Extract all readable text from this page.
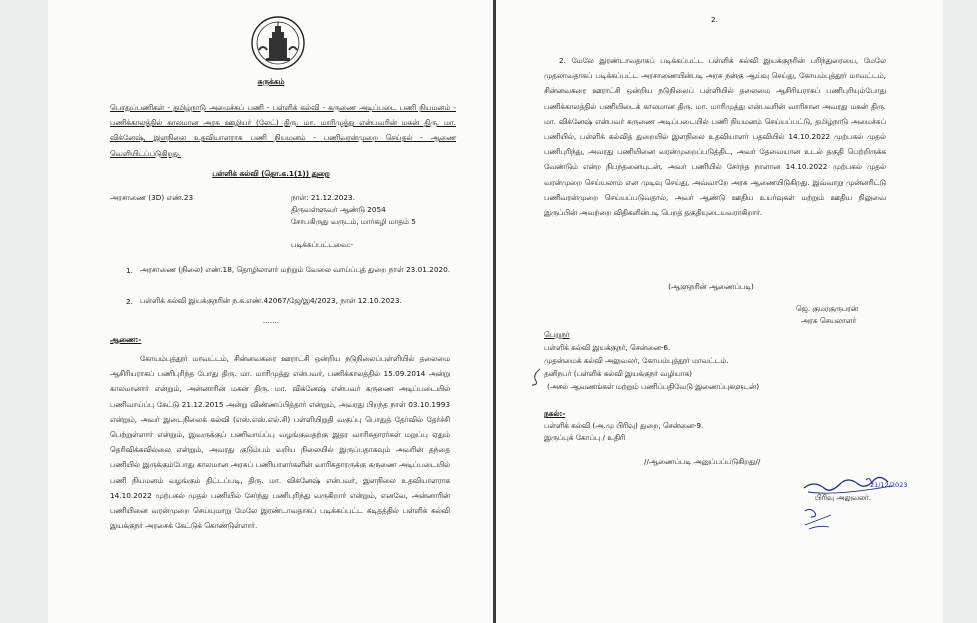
சுருக்கம்
பொதுப்பணிகள் - தமிழ்நாடு அமைச்சுப் பணி - பள்ளிக் கல்வி - கருணை அடிப்படை பணி நியமனம் - பணிக்காலத்தில் காலமான அரசு ஊழியர் (லேட்) திரு. மா. மாரிமுத்து என்பவரின் மகன் திரு. மா. விக்னேஷ், இளநிலை உதவியாளராக பணி நியமனம் - பணிவரன்முறை செய்தல் - ஆணை வெளியிடப்படுகிறது.
பள்ளிக் கல்வி (தொ.க.1(1)) துறை
அரசாணை (3D) எண்.23	நாள்: 21.12.2023.
திருவள்ளுவர் ஆண்டு 2054
சோபகிருது வருடம், மார்கழி மாதம் 5
படிக்கப்பட்டவை:-
1. அரசாணை (நிலை) எண்.18, தொழிலாளர் மற்றும் வேலை வாய்ப்புத் துறை நாள் 23.01.2020.
2. பள்ளிக் கல்வி இயக்குநரின் ந.க.எண்.42067/ஜே/இ4/2023, நாள் 12.10.2023.
.......
ஆணை:-
கோயம்புத்தூர் மாவட்டம், சின்னவகரை ஊராட்சி ஒன்றிய நடுநிலைப்பள்ளியில் தலைமை ஆசிரியராகப் பணிபுரிந்த போது திரு. மா. மாரிமுத்து என்பவர், பணிக்காலத்தில் 15.09.2014 அன்று காலமானார் என்றும், அன்னாரின் மகன் திரு. மா. விக்னேஷ் என்பவர் கருணை அடிப்படையில் பணிவாய்ப்பு கேட்டு 21.12.2015 அன்று விண்ணப்பித்தார் என்றும், அவரது பிறந்த நாள் 03.10.1993 என்றும், அவர் இடைநிலைக் கல்வி (எஸ்.எஸ்.எல்.சி) பள்ளியிறுதி வகுப்பு பொதுத் தேர்வில் தேர்ச்சி பெற்றுள்ளார் என்றும், இவருக்குப் பணிவாய்ப்பு வழங்குவதற்கு இதர வாரிசுதாரர்கள் மறுப்பு ஏதும் தெரிவிக்கவில்லை என்றும், அவரது குடும்பம் வறிய நிலையில் இருப்பதாகவும் அவரின் தந்தை பணியில் இருக்கும்போது காலமான அரசுப் பணியாளர்களின் வாரிசுதாரருக்கு கருணை அடிப்படையில் பணி நியமனம் வழங்கும் திட்டப்படி, திரு. மா. விக்னேஷ் என்பவர், இளநிலை உதவியாளராக 14.10.2022 முற்பகல் முதல் பணியில் சேர்ந்து பணிபுரிந்து வருகிறார் என்றும், எனவே, அன்னாரின் பணியினை வரன்முறை செய்யுமாறு மேலே இரண்டாவதாகப் படிக்கப்பட்ட கடிதத்தில் பள்ளிக் கல்வி இயக்குநர் அரசைக் கேட்டுக் கொண்டுள்ளார்.
2.
2. மேலே இரண்டாவதாகப் படிக்கப்பட்ட பள்ளிக் கல்வி இயக்குநரின் பரிந்துரையை, மேலே முதலாவதாகப் படிக்கப்பட்ட அரசாணையின்படி அரசு நன்கு ஆய்வு செய்து, கோயம்புத்தூர் மாவட்டம், சின்னவகரை ஊராட்சி ஒன்றிய நடுநிலைப் பள்ளியில் தலைமை ஆசிரியராகப் பணிபுரியும்போது பணிக்காலத்தில் பணியிடைக் காலமான திரு. மா. மாரிமுத்து என்பவரின் வாரிசான அவரது மகன் திரு. மா. விக்னேஷ் என்பவர் கருணை அடிப்படையில் பணி நியமனம் செய்யப்பட்டு, தமிழ்நாடு அமைச்சுப் பணியில், பள்ளிக் கல்வித் துறையில் இளநிலை உதவியாளர் பதவியில் 14.10.2022 முற்பகல் முதல் பணிபுரிந்து, அவரது பணியினை வரன்முறைப்படுத்திட, அவர் தேவையான உடல் தகுதி பெற்றிருக்க வேண்டும் என்ற நிபந்தனையுடன், அவர் பணியில் சேர்ந்த நாளான 14.10.2022 முற்பகல் முதல் வரன்முறை செய்யலாம் என முடிவு செய்து, அவ்வாறே அரசு ஆணையிடுகிறது. இவ்வாறு முன்னரிட்டு பணிவரன்முறை செய்யப்படுவதால், அவர் ஆண்டு ஊதிய உயர்வுகள் மற்றும் ஊதிய நிலுவை இருப்பின் அவற்றை விதிகளின்படி பெறத் தகுதியுடையவராகிறார்.
(ஆளுநரின் ஆணைப்படி)
ஜெ. குமரகுருபரன்
அரசு செயலாளர்
பெறுநர்
பள்ளிக் கல்வி இயக்குநர், சென்னை-6.
முதன்மைக் கல்வி அலுவலர், கோயம்புத்தூர் மாவட்டம்.
தனிநபர் (பள்ளிக் கல்வி இயக்குநர் வழியாக)
(அசல் ஆவணங்கள் மற்றும் பணிப்பதிவேடு இணைப்புகளுடன்)
நகல்:-
பள்ளிக் கல்வி (அ.மு பிரிவு) துறை, சென்னை-9.
இருப்புக் கோப்பு / உதிரி
//ஆணைப்படி அனுப்பப்படுகிறது//
21/12/2023
பிரிவு அலுவலர்.
